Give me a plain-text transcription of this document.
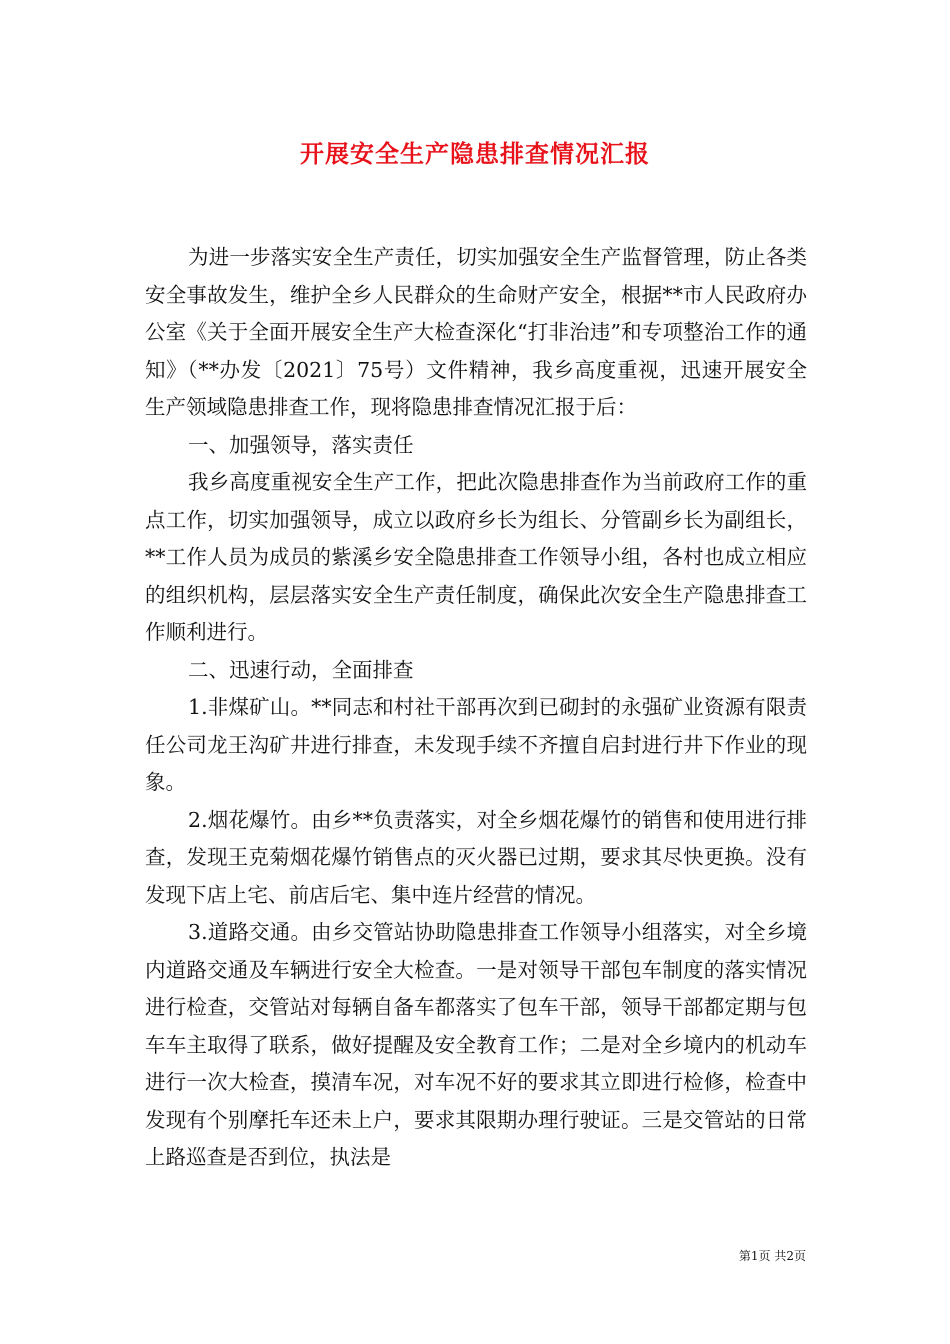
开展安全生产隐患排查情况汇报

为进一步落实安全生产责任，切实加强安全生产监督管理，防止各类安全事故发生，维护全乡人民群众的生命财产安全，根据**市人民政府办公室《关于全面开展安全生产大检查深化“打非治违”和专项整治工作的通知》（**办发〔2021〕75号）文件精神，我乡高度重视，迅速开展安全生产领域隐患排查工作，现将隐患排查情况汇报于后：

一、加强领导，落实责任

我乡高度重视安全生产工作，把此次隐患排查作为当前政府工作的重点工作，切实加强领导，成立以政府乡长为组长、分管副乡长为副组长，**工作人员为成员的紫溪乡安全隐患排查工作领导小组，各村也成立相应的组织机构，层层落实安全生产责任制度，确保此次安全生产隐患排查工作顺利进行。

二、迅速行动，全面排查

1.非煤矿山。**同志和村社干部再次到已砌封的永强矿业资源有限责任公司龙王沟矿井进行排查，未发现手续不齐擅自启封进行井下作业的现象。

2.烟花爆竹。由乡**负责落实，对全乡烟花爆竹的销售和使用进行排查，发现王克菊烟花爆竹销售点的灭火器已过期，要求其尽快更换。没有发现下店上宅、前店后宅、集中连片经营的情况。

3.道路交通。由乡交管站协助隐患排查工作领导小组落实，对全乡境内道路交通及车辆进行安全大检查。一是对领导干部包车制度的落实情况进行检查，交管站对每辆自备车都落实了包车干部，领导干部都定期与包车车主取得了联系，做好提醒及安全教育工作；二是对全乡境内的机动车进行一次大检查，摸清车况，对车况不好的要求其立即进行检修，检查中发现有个别摩托车还未上户，要求其限期办理行驶证。三是交管站的日常上路巡查是否到位，执法是

第1页 共2页
